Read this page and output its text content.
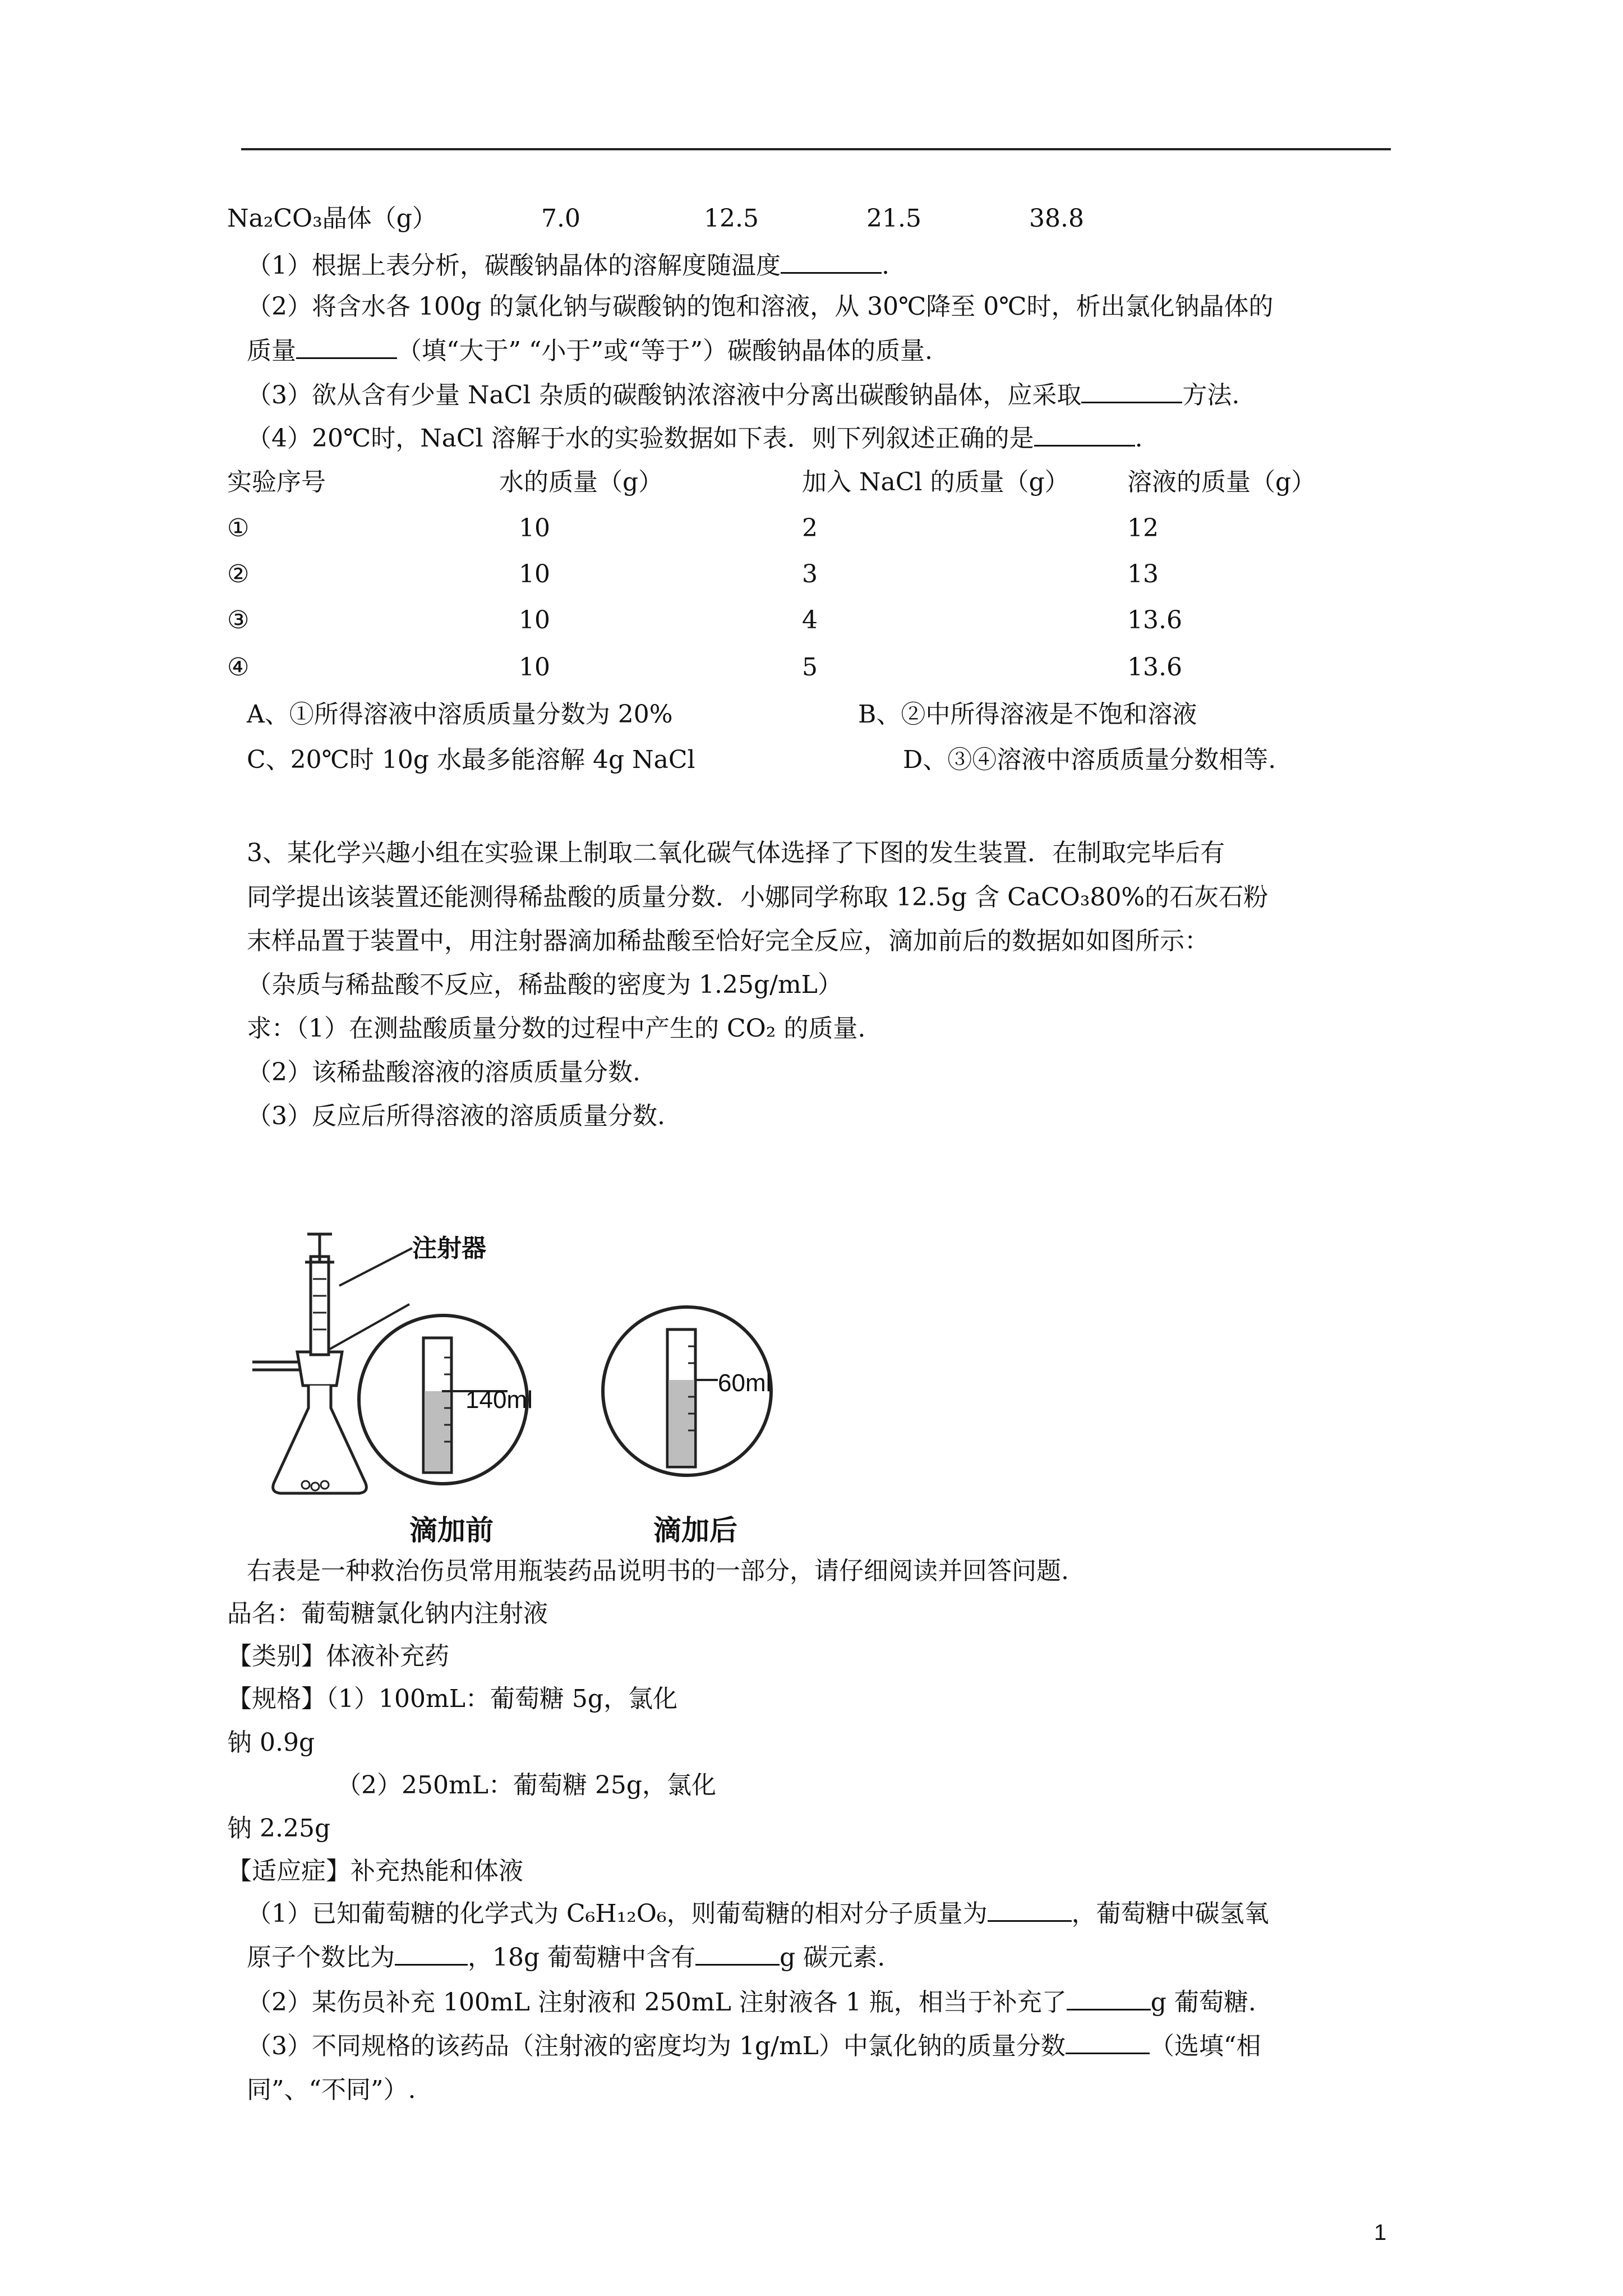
Na₂CO₃晶体（g）	7.0	12.5	21.5	38.8
（1）根据上表分析，碳酸钠晶体的溶解度随温度	.
（2）将含水各 100g 的氯化钠与碳酸钠的饱和溶液，从 30℃降至 0℃时，析出氯化钠晶体的
质量	（填“大于” “小于”或“等于”）碳酸钠晶体的质量.
（3）欲从含有少量 NaCl 杂质的碳酸钠浓溶液中分离出碳酸钠晶体，应采取	方法.
（4）20℃时，NaCl 溶解于水的实验数据如下表．则下列叙述正确的是	.
实验序号	水的质量（g）	加入 NaCl 的质量（g） 溶液的质量（g）
①	10	2	12
②	10	3	13
③	10	4	13.6
④	10	5	13.6
A、①所得溶液中溶质质量分数为 20%	B、②中所得溶液是不饱和溶液
C、20℃时 10g 水最多能溶解 4g NaCl	D、③④溶液中溶质质量分数相等.
3、某化学兴趣小组在实验课上制取二氧化碳气体选择了下图的发生装置．在制取完毕后有
同学提出该装置还能测得稀盐酸的质量分数．小娜同学称取 12.5g 含 CaCO₃80%的石灰石粉
末样品置于装置中，用注射器滴加稀盐酸至恰好完全反应，滴加前后的数据如如图所示：
（杂质与稀盐酸不反应，稀盐酸的密度为 1.25g/mL）
求：（1）在测盐酸质量分数的过程中产生的 CO₂ 的质量.
（2）该稀盐酸溶液的溶质质量分数.
（3）反应后所得溶液的溶质质量分数.
注射器
140ml
滴加前
60ml
滴加后
右表是一种救治伤员常用瓶装药品说明书的一部分，请仔细阅读并回答问题.
品名：葡萄糖氯化钠内注射液
【类别】体液补充药
【规格】（1）100mL：葡萄糖 5g，氯化
钠 0.9g
（2）250mL：葡萄糖 25g，氯化
钠 2.25g
【适应症】补充热能和体液
（1）已知葡萄糖的化学式为 C₆H₁₂O₆，则葡萄糖的相对分子质量为	，葡萄糖中碳氢氧
原子个数比为	，18g 葡萄糖中含有	g 碳元素.
（2）某伤员补充 100mL 注射液和 250mL 注射液各 1 瓶，相当于补充了	g 葡萄糖.
（3）不同规格的该药品（注射液的密度均为 1g/mL）中氯化钠的质量分数	（选填“相
同”、“不同”）.
1
